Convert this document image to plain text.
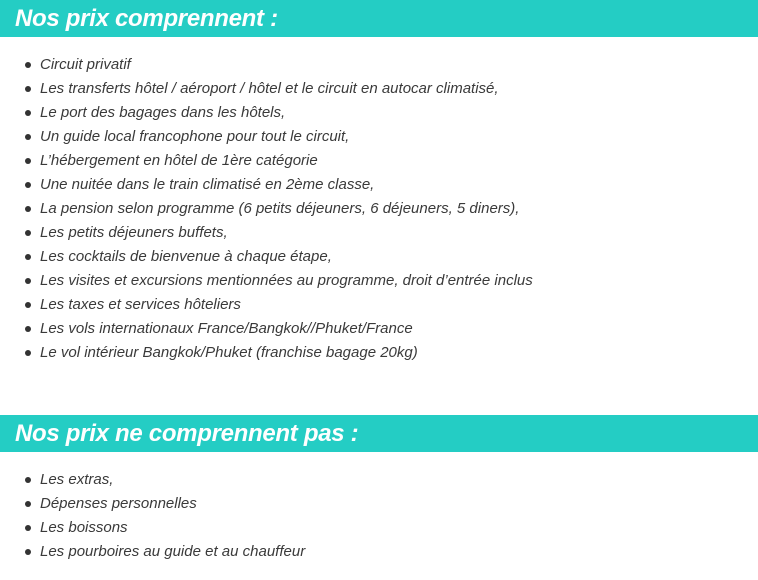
Nos prix comprennent :
Circuit privatif
Les transferts hôtel / aéroport / hôtel et le circuit en autocar climatisé,
Le port des bagages dans les hôtels,
Un guide local francophone pour tout le circuit,
L’hébergement en hôtel de 1ère catégorie
Une nuitée dans le train climatisé en 2ème classe,
La pension selon programme (6 petits déjeuners, 6 déjeuners, 5 diners),
Les petits déjeuners buffets,
Les cocktails de bienvenue à chaque étape,
Les visites et excursions mentionnées au programme, droit d’entrée inclus
Les taxes et services hôteliers
Les vols internationaux France/Bangkok//Phuket/France
Le vol intérieur Bangkok/Phuket (franchise bagage 20kg)
Nos prix ne comprennent pas :
Les extras,
Dépenses personnelles
Les boissons
Les pourboires au guide et au chauffeur
